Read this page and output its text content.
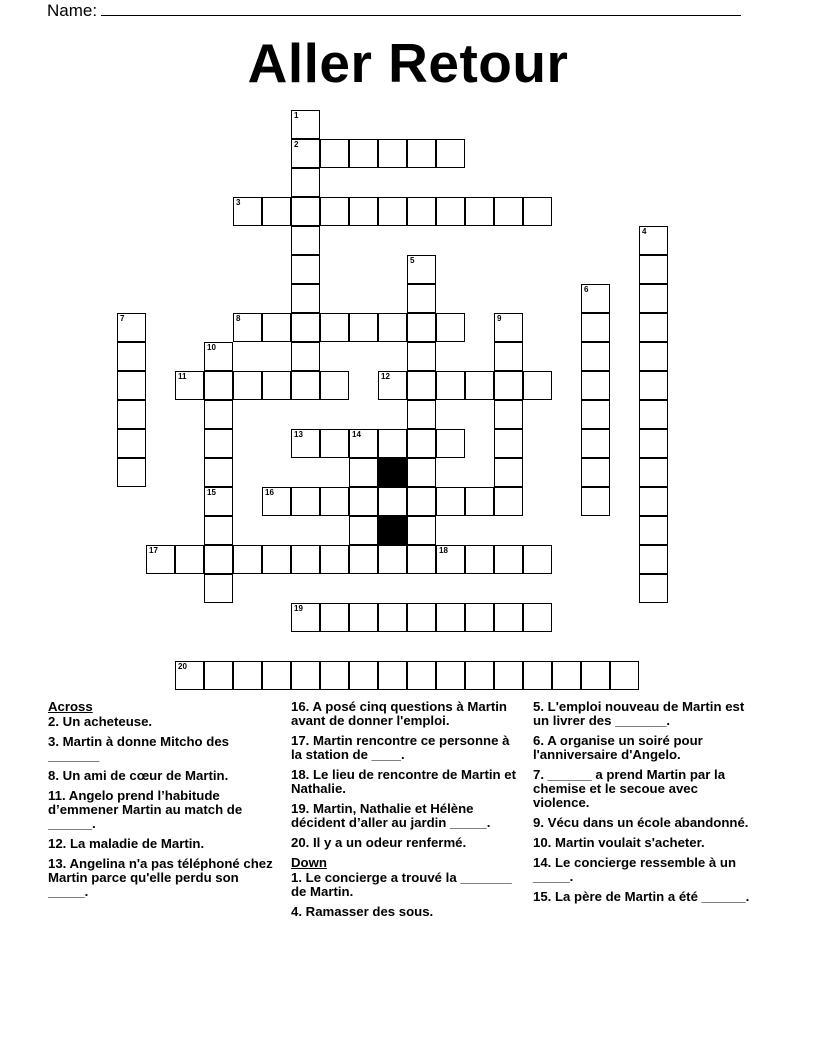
Name:
Aller Retour
2
3
8
11	12
13	14
16
17	18
19
20
1
4
5
6
7	9
10
15
Across
2. Un acheteuse.
3. Martin à donne Mitcho des _______
8. Un ami de cœur de Martin.
11. Angelo prend l’habitude d’emmener Martin au match de ______.
12. La maladie de Martin.
13. Angelina n'a pas téléphoné chez Martin parce qu'elle perdu son _____.
16. A posé cinq questions à Martin avant de donner l'emploi.
17. Martin rencontre ce personne à la station de ____.
18. Le lieu de rencontre de Martin et Nathalie.
19. Martin, Nathalie et Hélène décident d’aller au jardin _____.
20. Il y a un odeur renfermé.
Down
1. Le concierge a trouvé la _______ de Martin.
4. Ramasser des sous.
5. L'emploi nouveau de Martin est un livrer des _______.
6. A organise un soiré pour l'anniversaire d'Angelo.
7. ______ a prend Martin par la chemise et le secoue avec violence.
9. Vécu dans un école abandonné.
10. Martin voulait s'acheter.
14. Le concierge ressemble à un _____.
15. La père de Martin a été ______.
